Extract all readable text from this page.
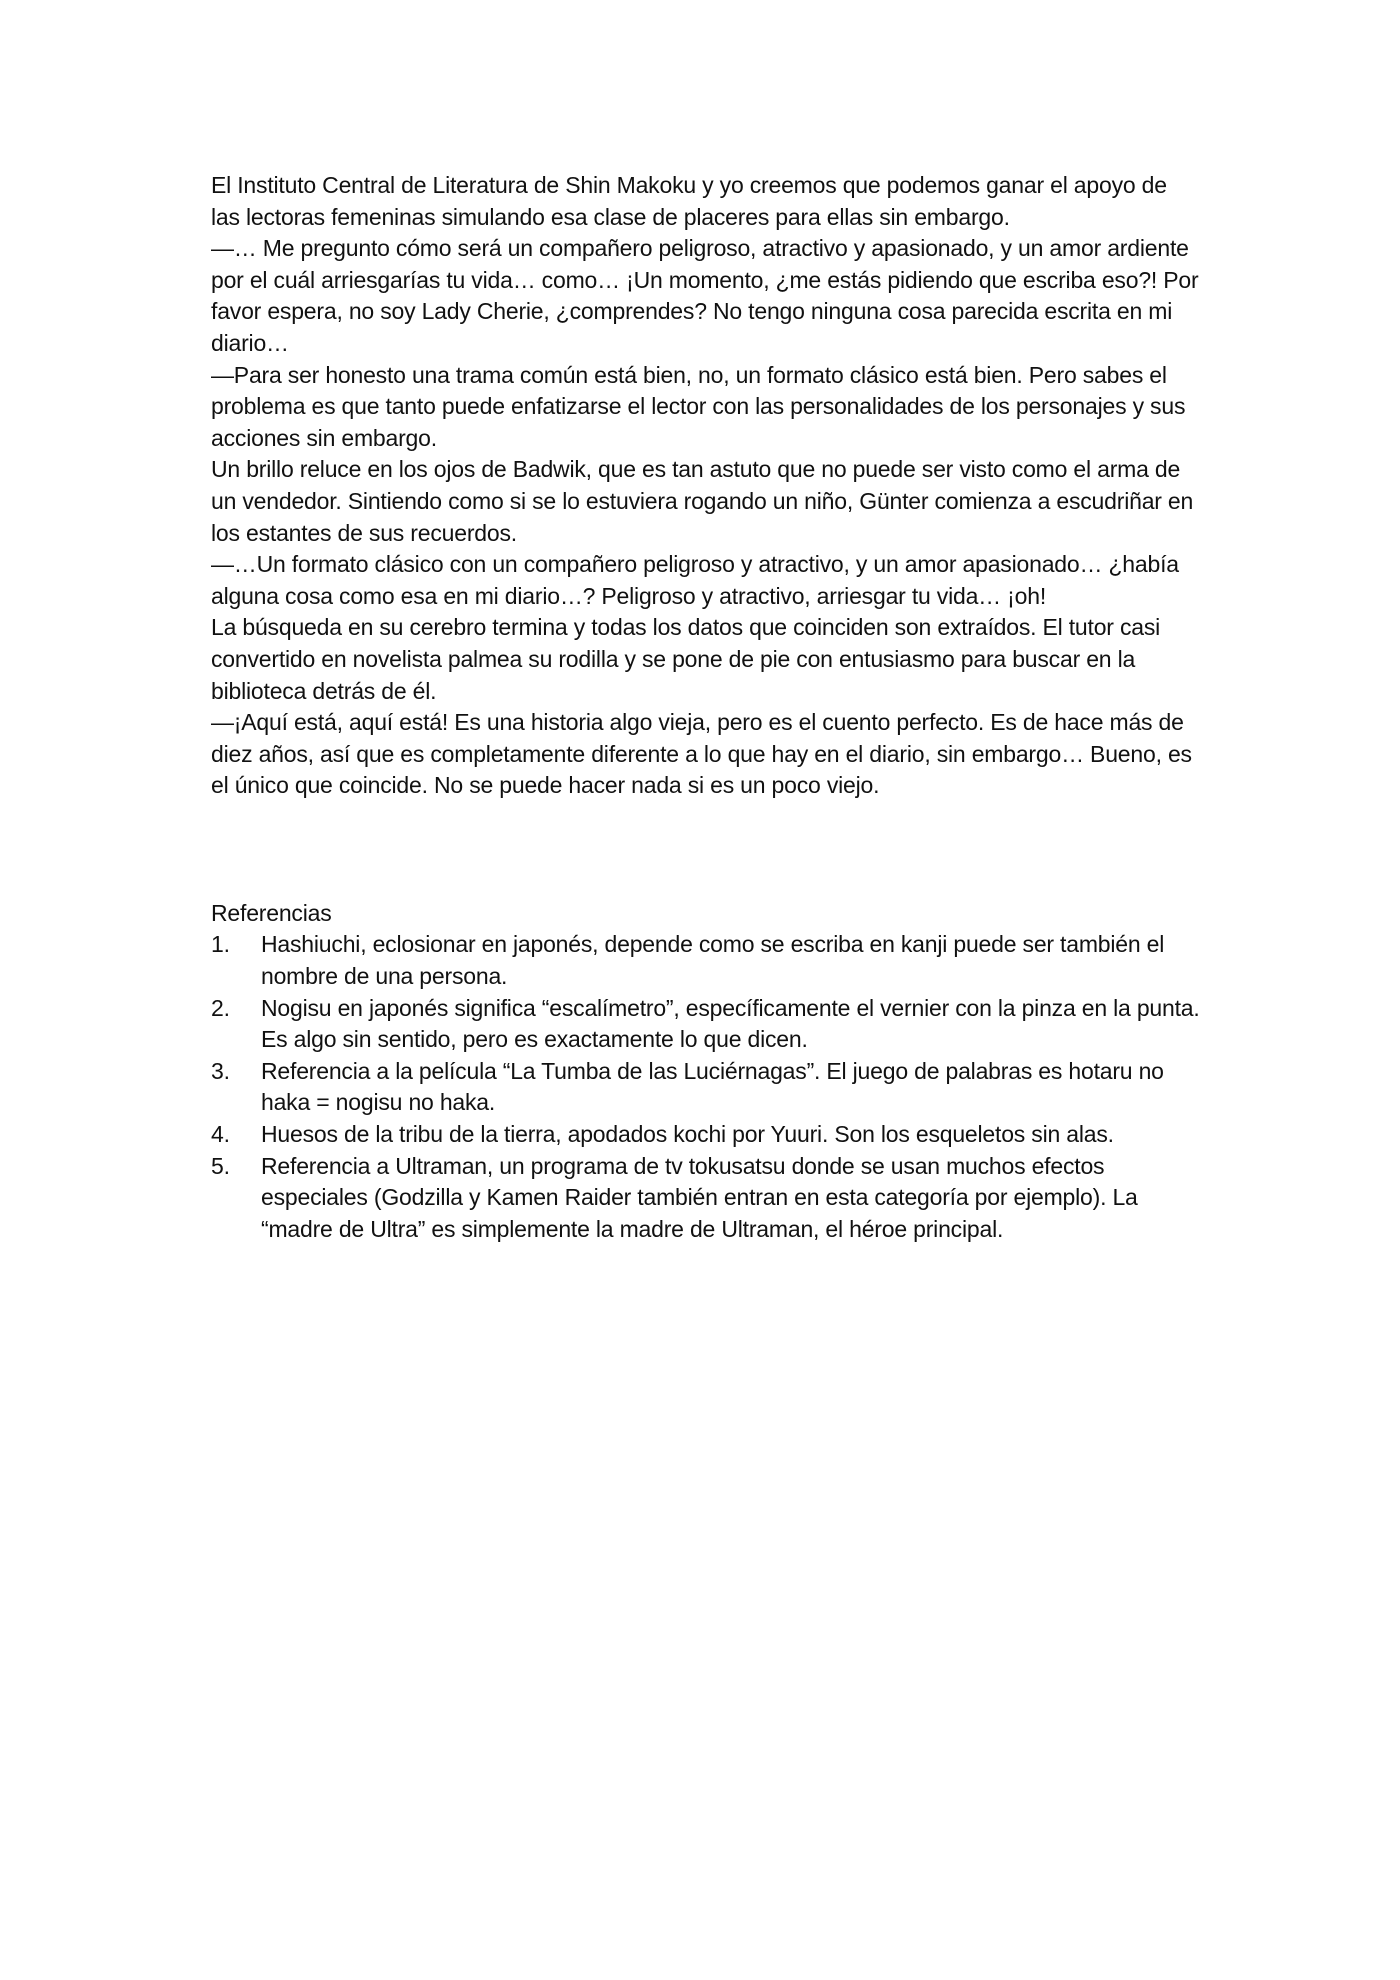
El Instituto Central de Literatura de Shin Makoku y yo creemos que podemos ganar el apoyo de las lectoras femeninas simulando esa clase de placeres para ellas sin embargo.

—… Me pregunto cómo será un compañero peligroso, atractivo y apasionado, y un amor ardiente por el cuál arriesgarías tu vida… como… ¡Un momento, ¿me estás pidiendo que escriba eso?! Por favor espera, no soy Lady Cherie, ¿comprendes? No tengo ninguna cosa parecida escrita en mi diario…

—Para ser honesto una trama común está bien, no, un formato clásico está bien. Pero sabes el problema es que tanto puede enfatizarse el lector con las personalidades de los personajes y sus acciones sin embargo.

Un brillo reluce en los ojos de Badwik, que es tan astuto que no puede ser visto como el arma de un vendedor. Sintiendo como si se lo estuviera rogando un niño, Günter comienza a escudriñar en los estantes de sus recuerdos.

—…Un formato clásico con un compañero peligroso y atractivo, y un amor apasionado… ¿había alguna cosa como esa en mi diario…? Peligroso y atractivo, arriesgar tu vida… ¡oh!

La búsqueda en su cerebro termina y todas los datos que coinciden son extraídos. El tutor casi convertido en novelista palmea su rodilla y se pone de pie con entusiasmo para buscar en la biblioteca detrás de él.

—¡Aquí está, aquí está! Es una historia algo vieja, pero es el cuento perfecto. Es de hace más de diez años, así que es completamente diferente a lo que hay en el diario, sin embargo… Bueno, es el único que coincide. No se puede hacer nada si es un poco viejo.

Referencias

1. Hashiuchi, eclosionar en japonés, depende como se escriba en kanji puede ser también el nombre de una persona.
2. Nogisu en japonés significa “escalímetro”, específicamente el vernier con la pinza en la punta. Es algo sin sentido, pero es exactamente lo que dicen.
3. Referencia a la película “La Tumba de las Luciérnagas”. El juego de palabras es hotaru no haka = nogisu no haka.
4. Huesos de la tribu de la tierra, apodados kochi por Yuuri. Son los esqueletos sin alas.
5. Referencia a Ultraman, un programa de tv tokusatsu donde se usan muchos efectos especiales (Godzilla y Kamen Raider también entran en esta categoría por ejemplo). La “madre de Ultra” es simplemente la madre de Ultraman, el héroe principal.
